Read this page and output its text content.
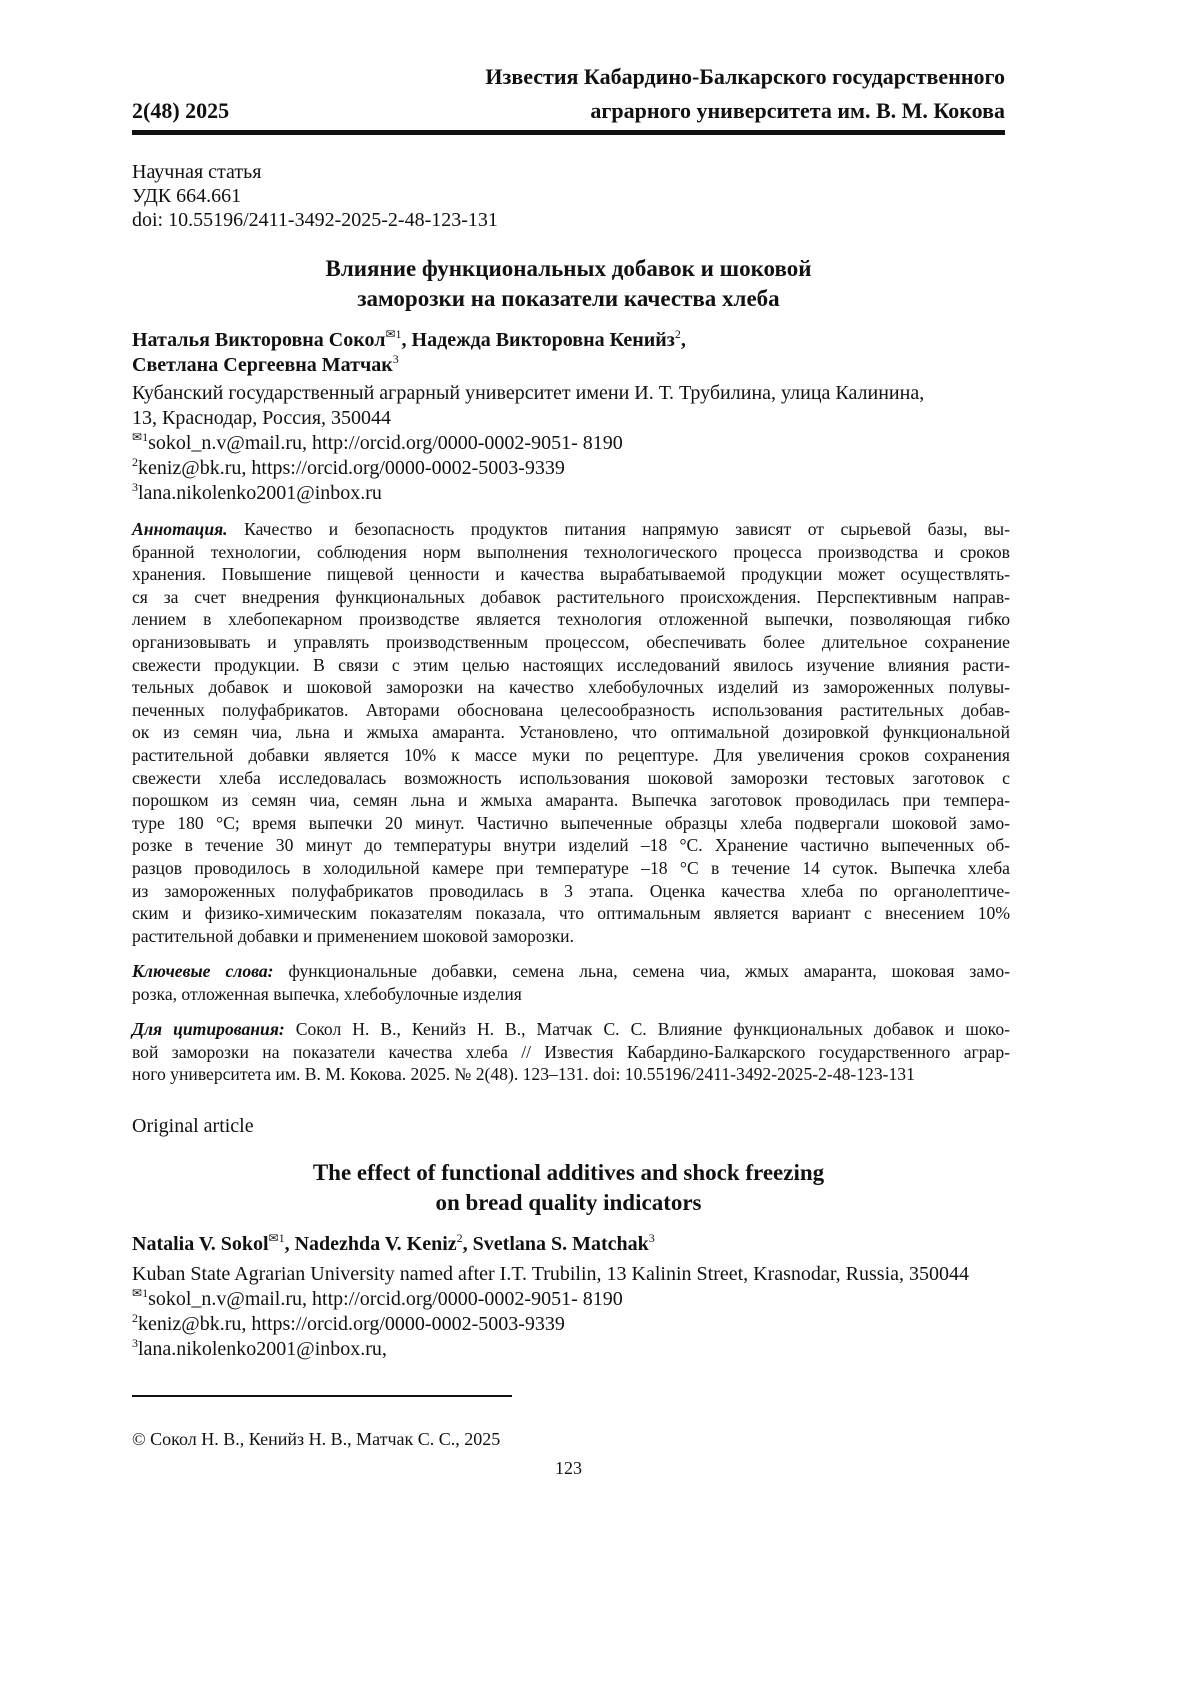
2(48) 2025
Известия Кабардино-Балкарского государственного
аграрного университета им. В. М. Кокова
Научная статья
УДК 664.661
doi: 10.55196/2411-3492-2025-2-48-123-131
Влияние функциональных добавок и шоковой
заморозки на показатели качества хлеба
Наталья Викторовна Сокол$^{✉1}$, Надежда Викторовна Кенийз$^2$,
Светлана Сергеевна Матчак$^3$
Кубанский государственный аграрный университет имени И. Т. Трубилина, улица Калинина,
13, Краснодар, Россия, 350044
$^{✉1}$sokol_n.v@mail.ru, http://orcid.org/0000-0002-9051- 8190
$^2$keniz@bk.ru, https://orcid.org/0000-0002-5003-9339
$^3$lana.nikolenko2001@inbox.ru
Аннотация. Качество и безопасность продуктов питания напрямую зависят от сырьевой базы, вы-
бранной технологии, соблюдения норм выполнения технологического процесса производства и сроков
хранения. Повышение пищевой ценности и качества вырабатываемой продукции может осуществлять-
ся за счет внедрения функциональных добавок растительного происхождения. Перспективным направ-
лением в хлебопекарном производстве является технология отложенной выпечки, позволяющая гибко
организовывать и управлять производственным процессом, обеспечивать более длительное сохранение
свежести продукции. В связи с этим целью настоящих исследований явилось изучение влияния расти-
тельных добавок и шоковой заморозки на качество хлебобулочных изделий из замороженных полувы-
печенных полуфабрикатов. Авторами обоснована целесообразность использования растительных добав-
ок из семян чиа, льна и жмыха амаранта. Установлено, что оптимальной дозировкой функциональной
растительной добавки является 10% к массе муки по рецептуре. Для увеличения сроков сохранения
свежести хлеба исследовалась возможность использования шоковой заморозки тестовых заготовок с
порошком из семян чиа, семян льна и жмыха амаранта. Выпечка заготовок проводилась при темпера-
туре 180 °С; время выпечки 20 минут. Частично выпеченные образцы хлеба подвергали шоковой замо-
розке в течение 30 минут до температуры внутри изделий –18 °С. Хранение частично выпеченных об-
разцов проводилось в холодильной камере при температуре –18 °С в течение 14 суток. Выпечка хлеба
из замороженных полуфабрикатов проводилась в 3 этапа. Оценка качества хлеба по органолептиче-
ским и физико-химическим показателям показала, что оптимальным является вариант с внесением 10%
растительной добавки и применением шоковой заморозки.
Ключевые слова: функциональные добавки, семена льна, семена чиа, жмых амаранта, шоковая замо-
розка, отложенная выпечка, хлебобулочные изделия
Для цитирования: Сокол Н. В., Кенийз Н. В., Матчак С. С. Влияние функциональных добавок и шоко-
вой заморозки на показатели качества хлеба // Известия Кабардино-Балкарского государственного аграр-
ного университета им. В. М. Кокова. 2025. № 2(48). 123–131. doi: 10.55196/2411-3492-2025-2-48-123-131
Original article
The effect of functional additives and shock freezing
on bread quality indicators
Natalia V. Sokol$^{✉1}$, Nadezhda V. Keniz$^2$, Svetlana S. Matchak$^3$
Kuban State Agrarian University named after I.T. Trubilin, 13 Kalinin Street, Krasnodar, Russia, 350044
$^{✉1}$sokol_n.v@mail.ru, http://orcid.org/0000-0002-9051- 8190
$^2$keniz@bk.ru, https://orcid.org/0000-0002-5003-9339
$^3$lana.nikolenko2001@inbox.ru,
© Сокол Н. В., Кенийз Н. В., Матчак С. С., 2025
123
